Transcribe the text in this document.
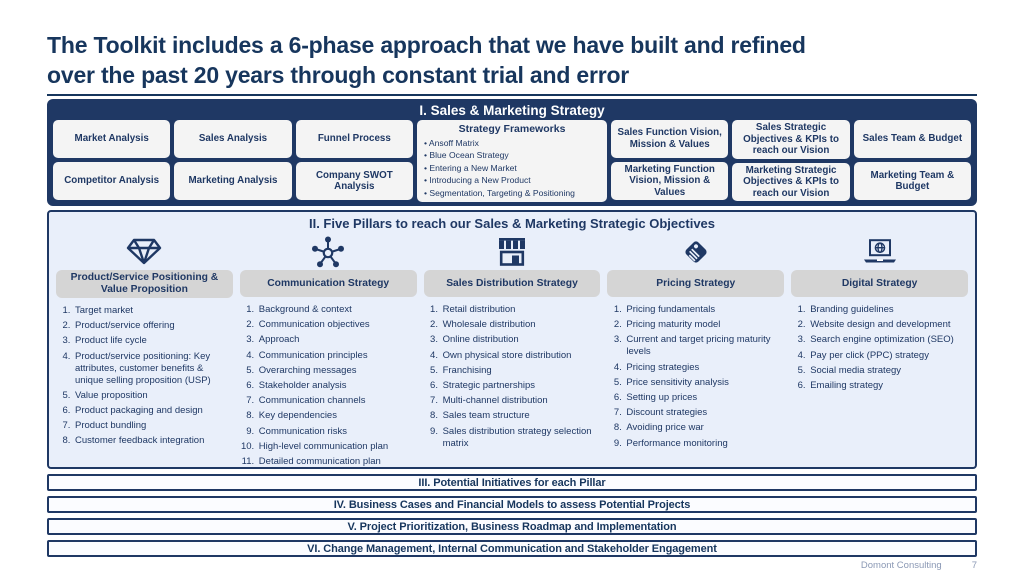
The Toolkit includes a 6-phase approach that we have built and refined
over the past 20 years through constant trial and error
I. Sales & Marketing Strategy
Market Analysis
Competitor Analysis
Sales Analysis
Marketing Analysis
Funnel Process
Company SWOT Analysis
Strategy Frameworks
• Ansoff Matrix
• Blue Ocean Strategy
• Entering a New Market
• Introducing a New Product
• Segmentation, Targeting & Positioning
Sales Function Vision, Mission & Values
Marketing Function Vision, Mission & Values
Sales Strategic Objectives & KPIs to reach our Vision
Marketing Strategic Objectives & KPIs to reach our Vision
Sales Team & Budget
Marketing Team & Budget
II. Five Pillars to reach our Sales & Marketing Strategic Objectives
Product/Service Positioning & Value Proposition
1. Target market
2. Product/service offering
3. Product life cycle
4. Product/service positioning: Key attributes, customer benefits & unique selling proposition (USP)
5. Value proposition
6. Product packaging and design
7. Product bundling
8. Customer feedback integration
Communication Strategy
1. Background & context
2. Communication objectives
3. Approach
4. Communication principles
5. Overarching messages
6. Stakeholder analysis
7. Communication channels
8. Key dependencies
9. Communication risks
10. High-level communication plan
11. Detailed communication plan
Sales Distribution Strategy
1. Retail distribution
2. Wholesale distribution
3. Online distribution
4. Own physical store distribution
5. Franchising
6. Strategic partnerships
7. Multi-channel distribution
8. Sales team structure
9. Sales distribution strategy selection matrix
Pricing Strategy
1. Pricing fundamentals
2. Pricing maturity model
3. Current and target pricing maturity levels
4. Pricing strategies
5. Price sensitivity analysis
6. Setting up prices
7. Discount strategies
8. Avoiding price war
9. Performance monitoring
Digital Strategy
1. Branding guidelines
2. Website design and development
3. Search engine optimization (SEO)
4. Pay per click (PPC) strategy
5. Social media strategy
6. Emailing strategy
III. Potential Initiatives for each Pillar
IV. Business Cases and Financial Models to assess Potential Projects
V. Project Prioritization, Business Roadmap and Implementation
VI. Change Management, Internal Communication and Stakeholder Engagement
Domont Consulting	7
